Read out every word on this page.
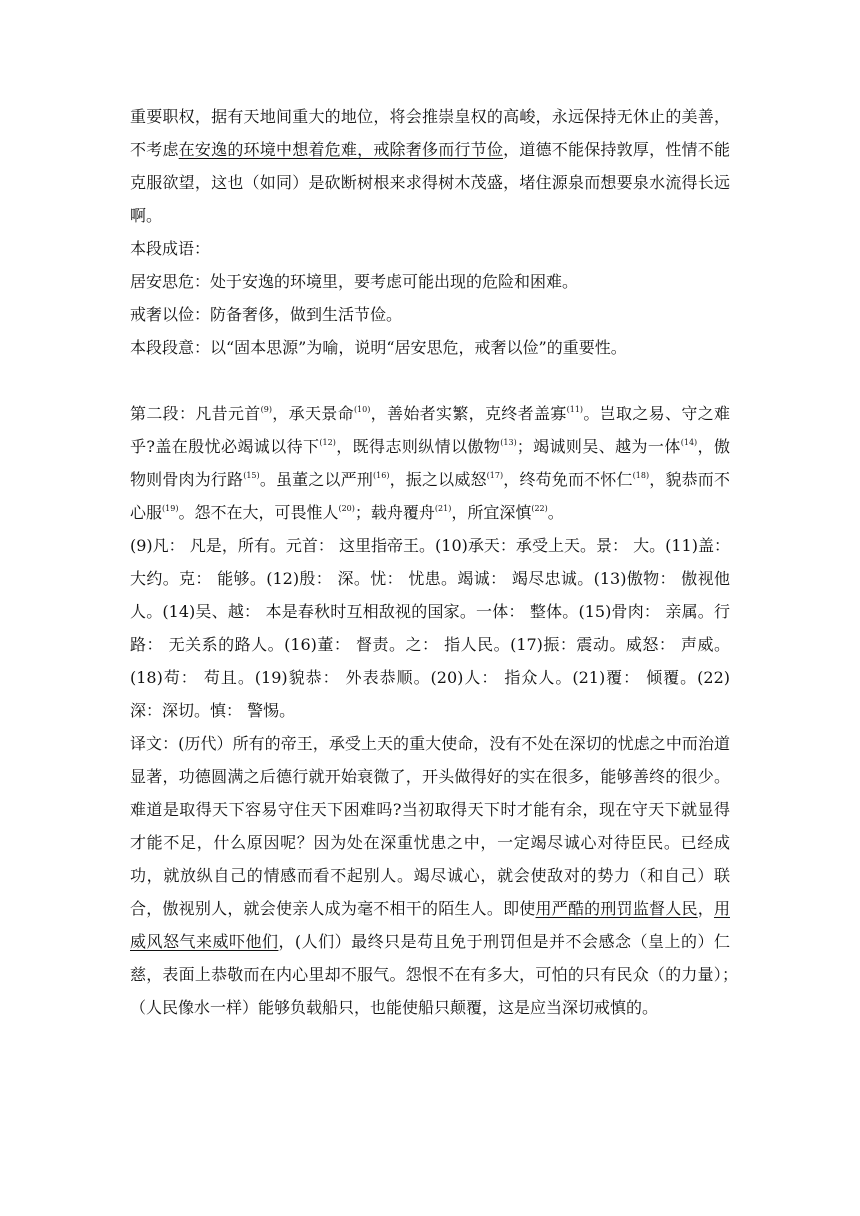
重要职权，据有天地间重大的地位，将会推崇皇权的高峻，永远保持无休止的美善，不考虑在安逸的环境中想着危难，戒除奢侈而行节俭，道德不能保持敦厚，性情不能克服欲望，这也（如同）是砍断树根来求得树木茂盛，堵住源泉而想要泉水流得长远啊。

本段成语：

居安思危：处于安逸的环境里，要考虑可能出现的危险和困难。

戒奢以俭：防备奢侈，做到生活节俭。

本段段意：以“固本思源”为喻，说明“居安思危，戒奢以俭”的重要性。

第二段：凡昔元首$^{(9)}$，承天景命$^{(10)}$，善始者实繁，克终者盖寡$^{(11)}$。岂取之易、守之难乎?盖在殷忧必竭诚以待下$^{(12)}$，既得志则纵情以傲物$^{(13)}$；竭诚则吴、越为一体$^{(14)}$，傲物则骨肉为行路$^{(15)}$。虽董之以严刑$^{(16)}$，振之以威怒$^{(17)}$，终苟免而不怀仁$^{(18)}$，貌恭而不心服$^{(19)}$。怨不在大，可畏惟人$^{(20)}$；载舟覆舟$^{(21)}$，所宜深慎$^{(22)}$。

(9)凡： 凡是，所有。元首： 这里指帝王。(10)承天：承受上天。景： 大。(11)盖： 大约。克： 能够。(12)殷： 深。忧： 忧患。竭诚： 竭尽忠诚。(13)傲物： 傲视他人。(14)吴、越： 本是春秋时互相敌视的国家。一体： 整体。(15)骨肉： 亲属。行路： 无关系的路人。(16)董： 督责。之： 指人民。(17)振：震动。威怒： 声威。(18)苟： 苟且。(19)貌恭： 外表恭顺。(20)人： 指众人。(21)覆： 倾覆。(22)深：深切。慎： 警惕。

译文：(历代）所有的帝王，承受上天的重大使命，没有不处在深切的忧虑之中而治道显著，功德圆满之后德行就开始衰微了，开头做得好的实在很多，能够善终的很少。难道是取得天下容易守住天下困难吗?当初取得天下时才能有余，现在守天下就显得才能不足，什么原因呢？因为处在深重忧患之中，一定竭尽诚心对待臣民。已经成功，就放纵自己的情感而看不起别人。竭尽诚心，就会使敌对的势力（和自己）联合，傲视别人，就会使亲人成为毫不相干的陌生人。即使用严酷的刑罚监督人民，用威风怒气来威吓他们，(人们）最终只是苟且免于刑罚但是并不会感念（皇上的）仁慈，表面上恭敬而在内心里却不服气。怨恨不在有多大，可怕的只有民众（的力量）；　（人民像水一样）能够负载船只，也能使船只颠覆，这是应当深切戒慎的。
